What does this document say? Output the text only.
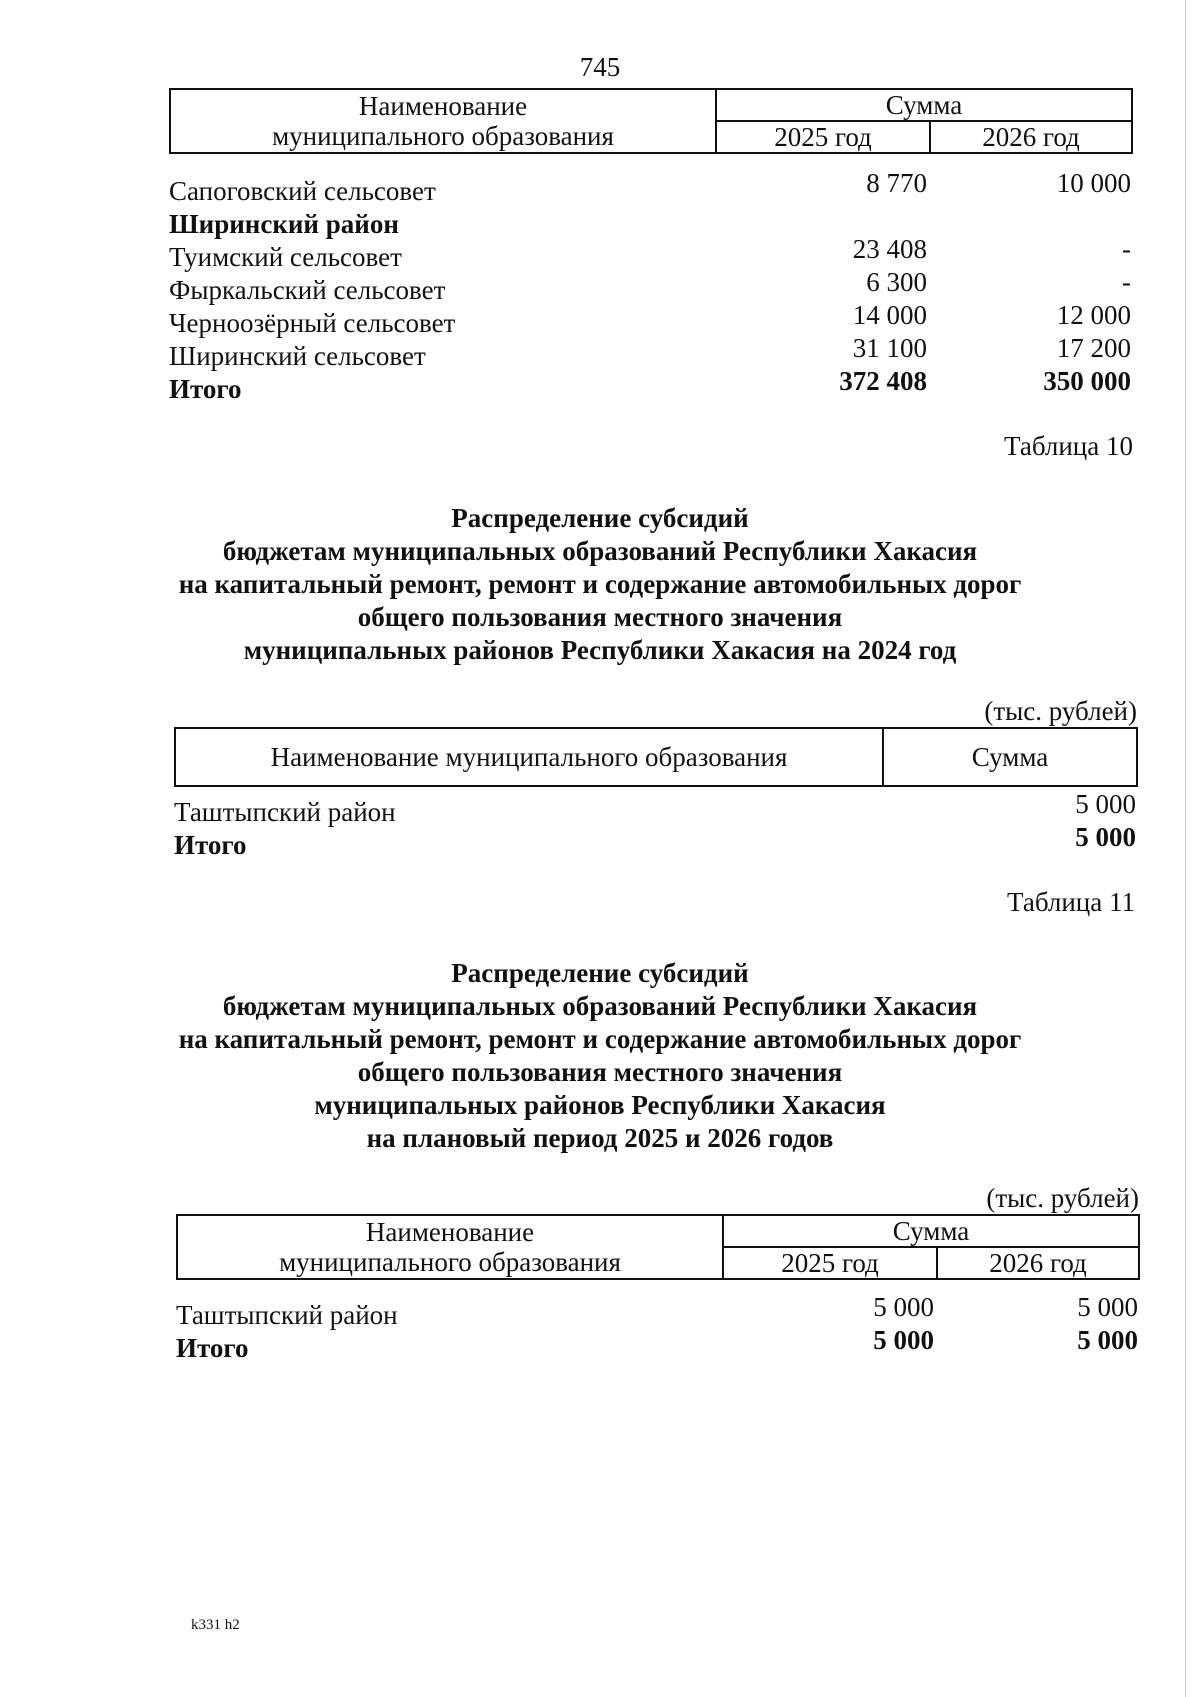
745
Наименование
муниципального образования	Сумма	
	2025 год	2026 год
Сапоговский сельсовет	8 770	10 000
Ширинский район
Туимский сельсовет	23 408	-
Фыркальский сельсовет	6 300	-
Черноозёрный сельсовет	14 000	12 000
Ширинский сельсовет	31 100	17 200
Итого	372 408	350 000
Таблица 10
Распределение субсидий
бюджетам муниципальных образований Республики Хакасия
на капитальный ремонт, ремонт и содержание автомобильных дорог
общего пользования местного значения
муниципальных районов Республики Хакасия на 2024 год
(тыс. рублей)
Наименование муниципального образования	Сумма
Таштыпский район	5 000
Итого	5 000
Таблица 11
Распределение субсидий
бюджетам муниципальных образований Республики Хакасия
на капитальный ремонт, ремонт и содержание автомобильных дорог
общего пользования местного значения
муниципальных районов Республики Хакасия
на плановый период 2025 и 2026 годов
(тыс. рублей)
Наименование
муниципального образования	Сумма	
	2025 год	2026 год
Таштыпский район	5 000	5 000
Итого	5 000	5 000
k331 h2
